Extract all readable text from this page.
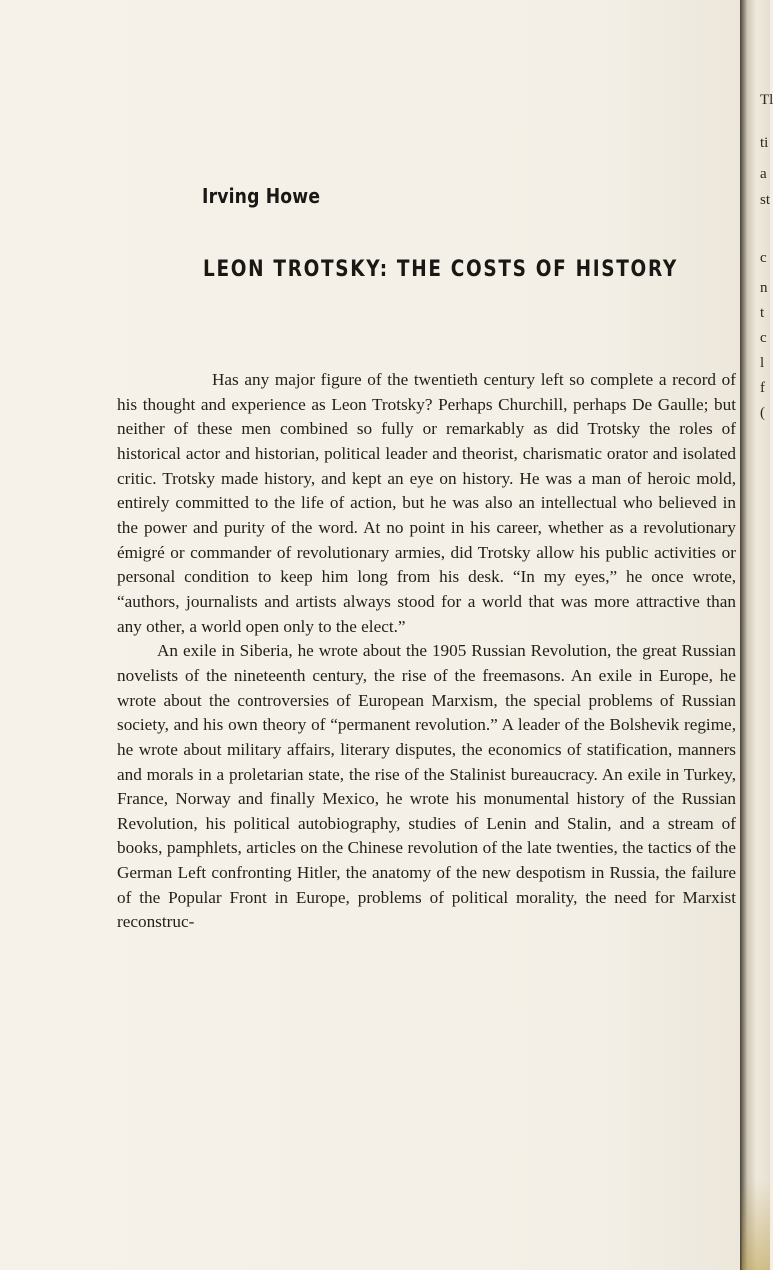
Irving Howe
LEON TROTSKY: THE COSTS OF HISTORY

Has any major figure of the twentieth century left so complete a record of his thought and experience as Leon Trotsky? Perhaps Churchill, perhaps De Gaulle; but neither of these men combined so fully or remarkably as did Trotsky the roles of historical actor and historian, political leader and theorist, charismatic orator and isolated critic. Trotsky made history, and kept an eye on history. He was a man of heroic mold, entirely committed to the life of action, but he was also an intellectual who believed in the power and purity of the word. At no point in his career, whether as a revolutionary émigré or commander of revolutionary armies, did Trotsky allow his public activities or personal condition to keep him long from his desk. “In my eyes,” he once wrote, “authors, journalists and artists always stood for a world that was more attractive than any other, a world open only to the elect.”

An exile in Siberia, he wrote about the 1905 Russian Revolution, the great Russian novelists of the nineteenth century, the rise of the freemasons. An exile in Europe, he wrote about the controversies of European Marxism, the special problems of Russian society, and his own theory of “permanent revolution.” A leader of the Bolshevik regime, he wrote about military affairs, literary disputes, the economics of statification, manners and morals in a proletarian state, the rise of the Stalinist bureaucracy. An exile in Turkey, France, Norway and finally Mexico, he wrote his monumental history of the Russian Revolution, his political autobiography, studies of Lenin and Stalin, and a stream of books, pamphlets, articles on the Chinese revolution of the late twenties, the tactics of the German Left confronting Hitler, the anatomy of the new despotism in Russia, the failure of the Popular Front in Europe, problems of political morality, the need for Marxist reconstruc-

Tl
ti
a
st
c
n
t
c
l
f
(
